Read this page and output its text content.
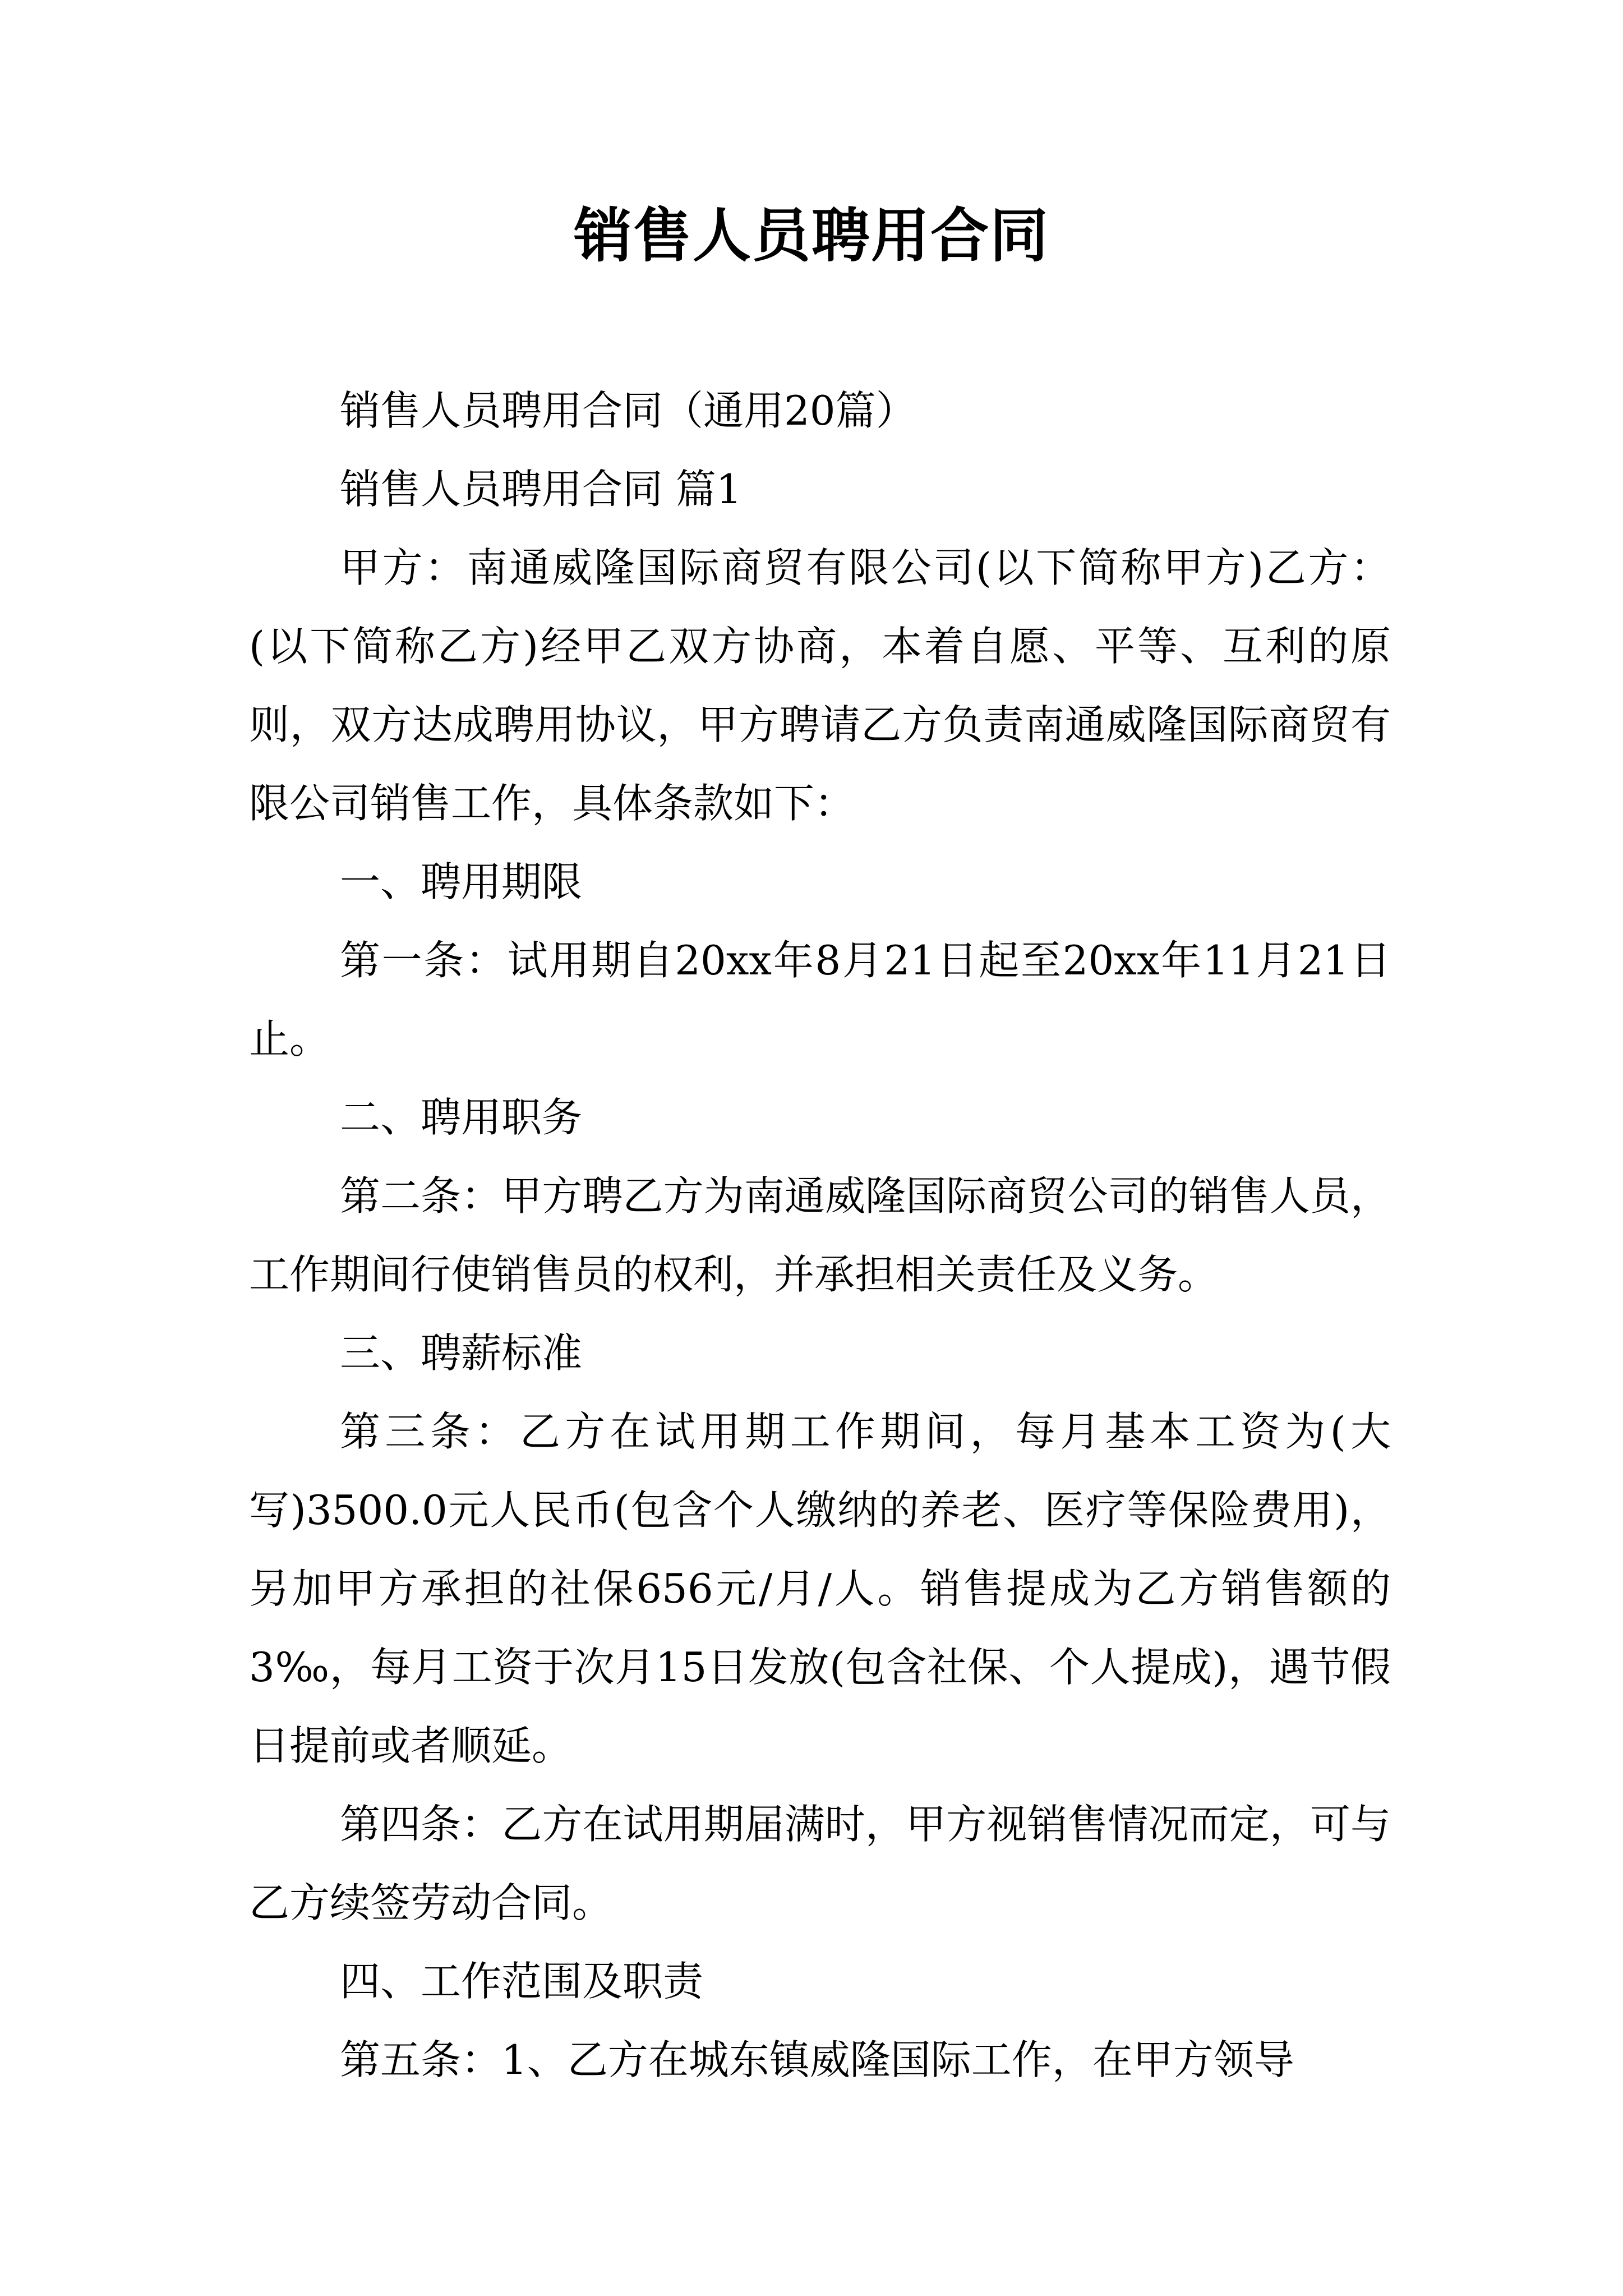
销售人员聘用合同

销售人员聘用合同（通用20篇）

销售人员聘用合同 篇1

甲方：南通威隆国际商贸有限公司(以下简称甲方)乙方：(以下简称乙方)经甲乙双方协商，本着自愿、平等、互利的原则，双方达成聘用协议，甲方聘请乙方负责南通威隆国际商贸有限公司销售工作，具体条款如下：

一、聘用期限

第一条：试用期自20xx年8月21日起至20xx年11月21日止。

二、聘用职务

第二条：甲方聘乙方为南通威隆国际商贸公司的销售人员，工作期间行使销售员的权利，并承担相关责任及义务。

三、聘薪标准

第三条：乙方在试用期工作期间，每月基本工资为(大写)3500.0元人民币(包含个人缴纳的养老、医疗等保险费用)，另加甲方承担的社保656元/月/人。销售提成为乙方销售额的3‰，每月工资于次月15日发放(包含社保、个人提成)，遇节假日提前或者顺延。

第四条：乙方在试用期届满时，甲方视销售情况而定，可与乙方续签劳动合同。

四、工作范围及职责

第五条：1、乙方在城东镇威隆国际工作，在甲方领导
